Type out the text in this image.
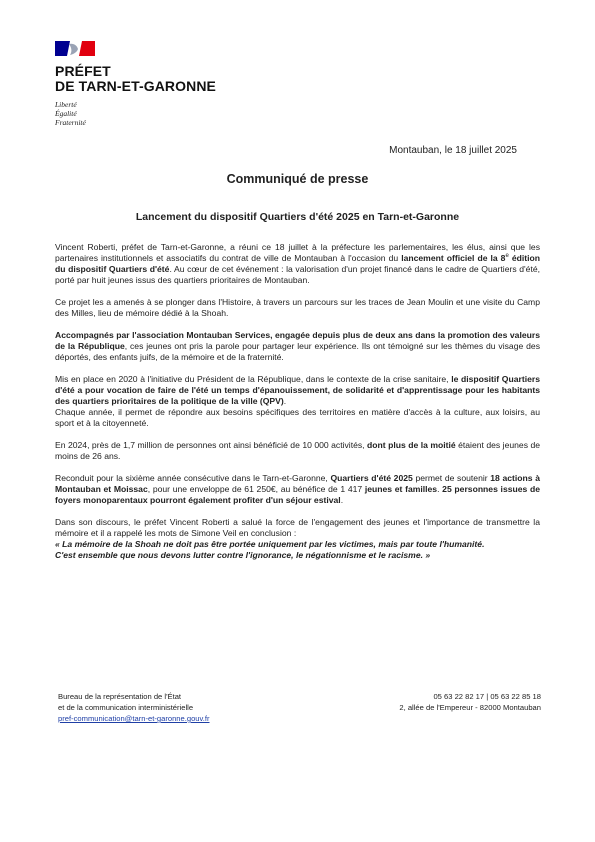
PRÉFET
DE TARN-ET-GARONNE
Liberté
Égalité
Fraternité
Montauban, le 18 juillet 2025
Communiqué de presse
Lancement du dispositif Quartiers d'été 2025 en Tarn-et-Garonne

Vincent Roberti, préfet de Tarn-et-Garonne, a réuni ce 18 juillet à la préfecture les parlementaires, les élus, ainsi que les partenaires institutionnels et associatifs du contrat de ville de Montauban à l'occasion du lancement officiel de la 8e édition du dispositif Quartiers d'été. Au cœur de cet événement : la valorisation d'un projet financé dans le cadre de Quartiers d'été, porté par huit jeunes issus des quartiers prioritaires de Montauban.

Ce projet les a amenés à se plonger dans l'Histoire, à travers un parcours sur les traces de Jean Moulin et une visite du Camp des Milles, lieu de mémoire dédié à la Shoah.

Accompagnés par l'association Montauban Services, engagée depuis plus de deux ans dans la promotion des valeurs de la République, ces jeunes ont pris la parole pour partager leur expérience. Ils ont témoigné sur les thèmes du visage des déportés, des enfants juifs, de la mémoire et de la fraternité.

Mis en place en 2020 à l'initiative du Président de la République, dans le contexte de la crise sanitaire, le dispositif Quartiers d'été a pour vocation de faire de l'été un temps d'épanouissement, de solidarité et d'apprentissage pour les habitants des quartiers prioritaires de la politique de la ville (QPV).

Chaque année, il permet de répondre aux besoins spécifiques des territoires en matière d'accès à la culture, aux loisirs, au sport et à la citoyenneté.

En 2024, près de 1,7 million de personnes ont ainsi bénéficié de 10 000 activités, dont plus de la moitié étaient des jeunes de moins de 26 ans.

Reconduit pour la sixième année consécutive dans le Tarn-et-Garonne, Quartiers d'été 2025 permet de soutenir 18 actions à Montauban et Moissac, pour une enveloppe de 61 250€, au bénéfice de 1 417 jeunes et familles. 25 personnes issues de foyers monoparentaux pourront également profiter d'un séjour estival.

Dans son discours, le préfet Vincent Roberti a salué la force de l'engagement des jeunes et l'importance de transmettre la mémoire et il a rappelé les mots de Simone Veil en conclusion :
« La mémoire de la Shoah ne doit pas être portée uniquement par les victimes, mais par toute l'humanité.
C'est ensemble que nous devons lutter contre l'ignorance, le négationnisme et le racisme. »

Bureau de la représentation de l'État
et de la communication interministérielle
pref-communication@tarn-et-garonne.gouv.fr
05 63 22 82 17 | 05 63 22 85 18
2, allée de l'Empereur - 82000 Montauban
